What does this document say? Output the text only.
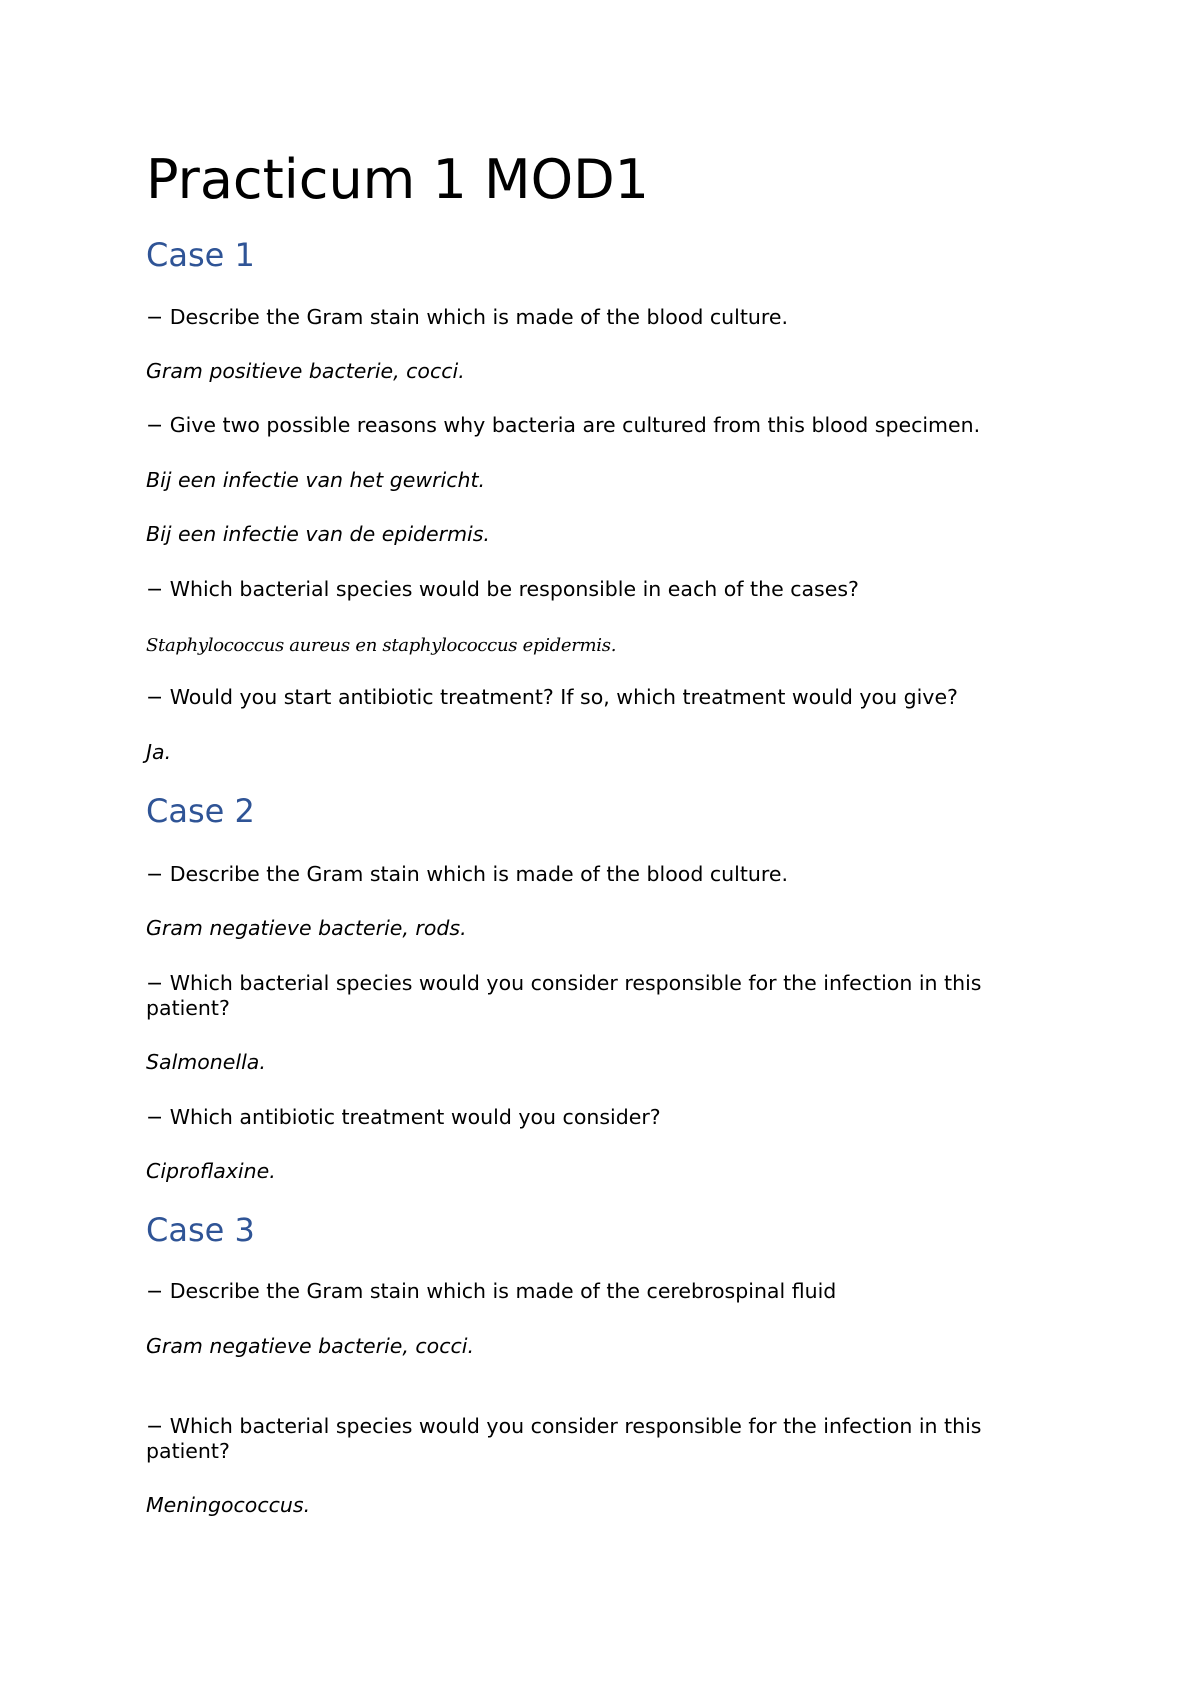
Practicum 1 MOD1
Case 1

− Describe the Gram stain which is made of the blood culture.

Gram positieve bacterie, cocci.

− Give two possible reasons why bacteria are cultured from this blood specimen.

Bij een infectie van het gewricht.

Bij een infectie van de epidermis.

− Which bacterial species would be responsible in each of the cases?

Staphylococcus aureus en staphylococcus epidermis.

− Would you start antibiotic treatment? If so, which treatment would you give?

Ja.

Case 2

− Describe the Gram stain which is made of the blood culture.

Gram negatieve bacterie, rods.

− Which bacterial species would you consider responsible for the infection in this patient?

Salmonella.

− Which antibiotic treatment would you consider?

Ciproflaxine.

Case 3

− Describe the Gram stain which is made of the cerebrospinal fluid

Gram negatieve bacterie, cocci.

− Which bacterial species would you consider responsible for the infection in this patient?

Meningococcus.
